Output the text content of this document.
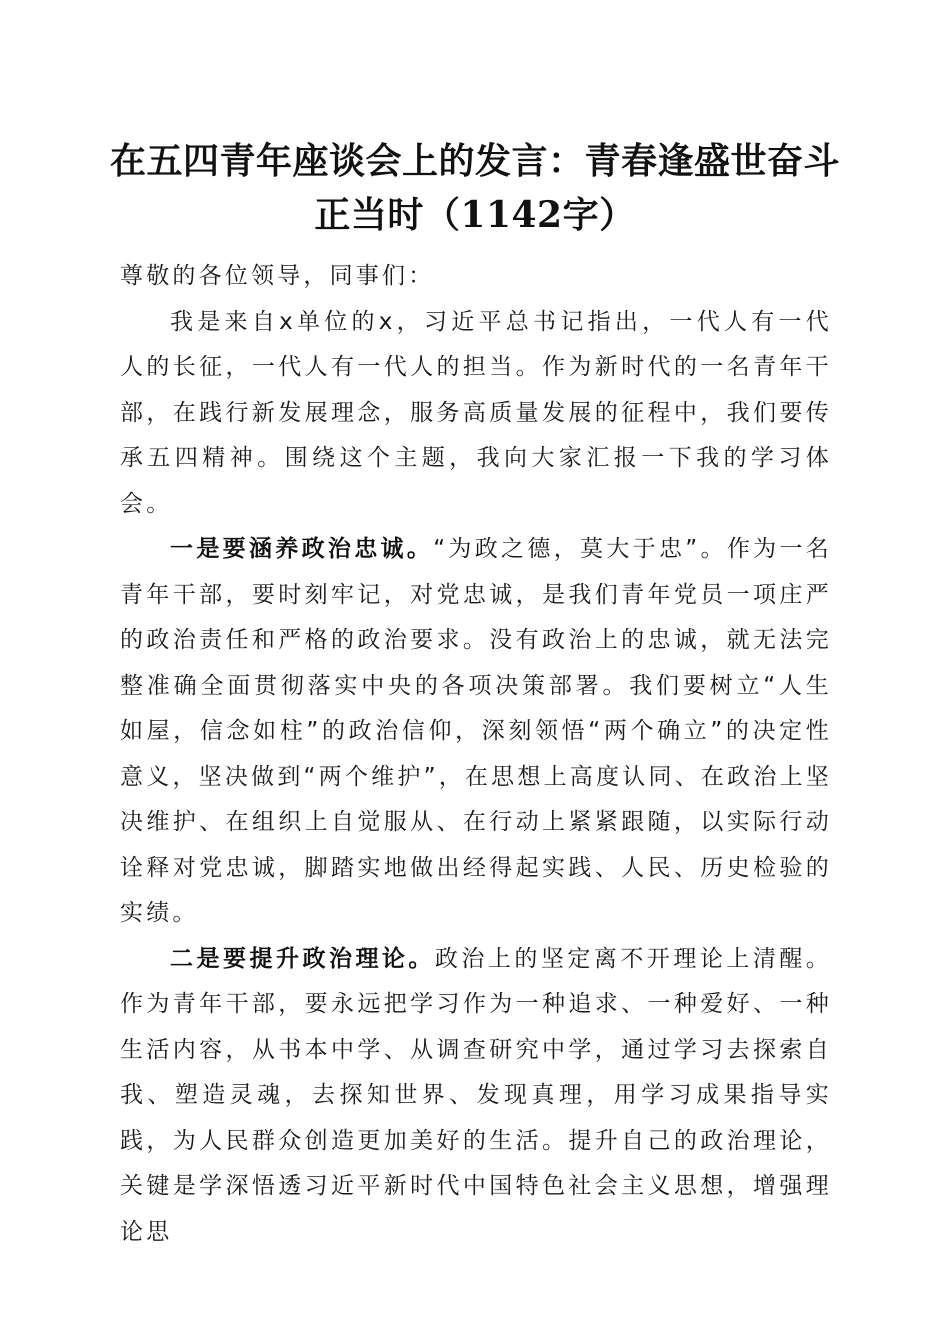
在五四青年座谈会上的发言：青春逢盛世奋斗
正当时（1142字）

尊敬的各位领导，同事们：

我是来自x单位的x，习近平总书记指出，一代人有一代人的长征，一代人有一代人的担当。作为新时代的一名青年干部，在践行新发展理念，服务高质量发展的征程中，我们要传承五四精神。围绕这个主题，我向大家汇报一下我的学习体会。

一是要涵养政治忠诚。“为政之德，莫大于忠”。作为一名青年干部，要时刻牢记，对党忠诚，是我们青年党员一项庄严的政治责任和严格的政治要求。没有政治上的忠诚，就无法完整准确全面贯彻落实中央的各项决策部署。我们要树立“人生如屋，信念如柱”的政治信仰，深刻领悟“两个确立”的决定性意义，坚决做到“两个维护”，在思想上高度认同、在政治上坚决维护、在组织上自觉服从、在行动上紧紧跟随，以实际行动诠释对党忠诚，脚踏实地做出经得起实践、人民、历史检验的实绩。

二是要提升政治理论。政治上的坚定离不开理论上清醒。作为青年干部，要永远把学习作为一种追求、一种爱好、一种生活内容，从书本中学、从调查研究中学，通过学习去探索自我、塑造灵魂，去探知世界、发现真理，用学习成果指导实践，为人民群众创造更加美好的生活。提升自己的政治理论，关键是学深悟透习近平新时代中国特色社会主义思想，增强理论思
